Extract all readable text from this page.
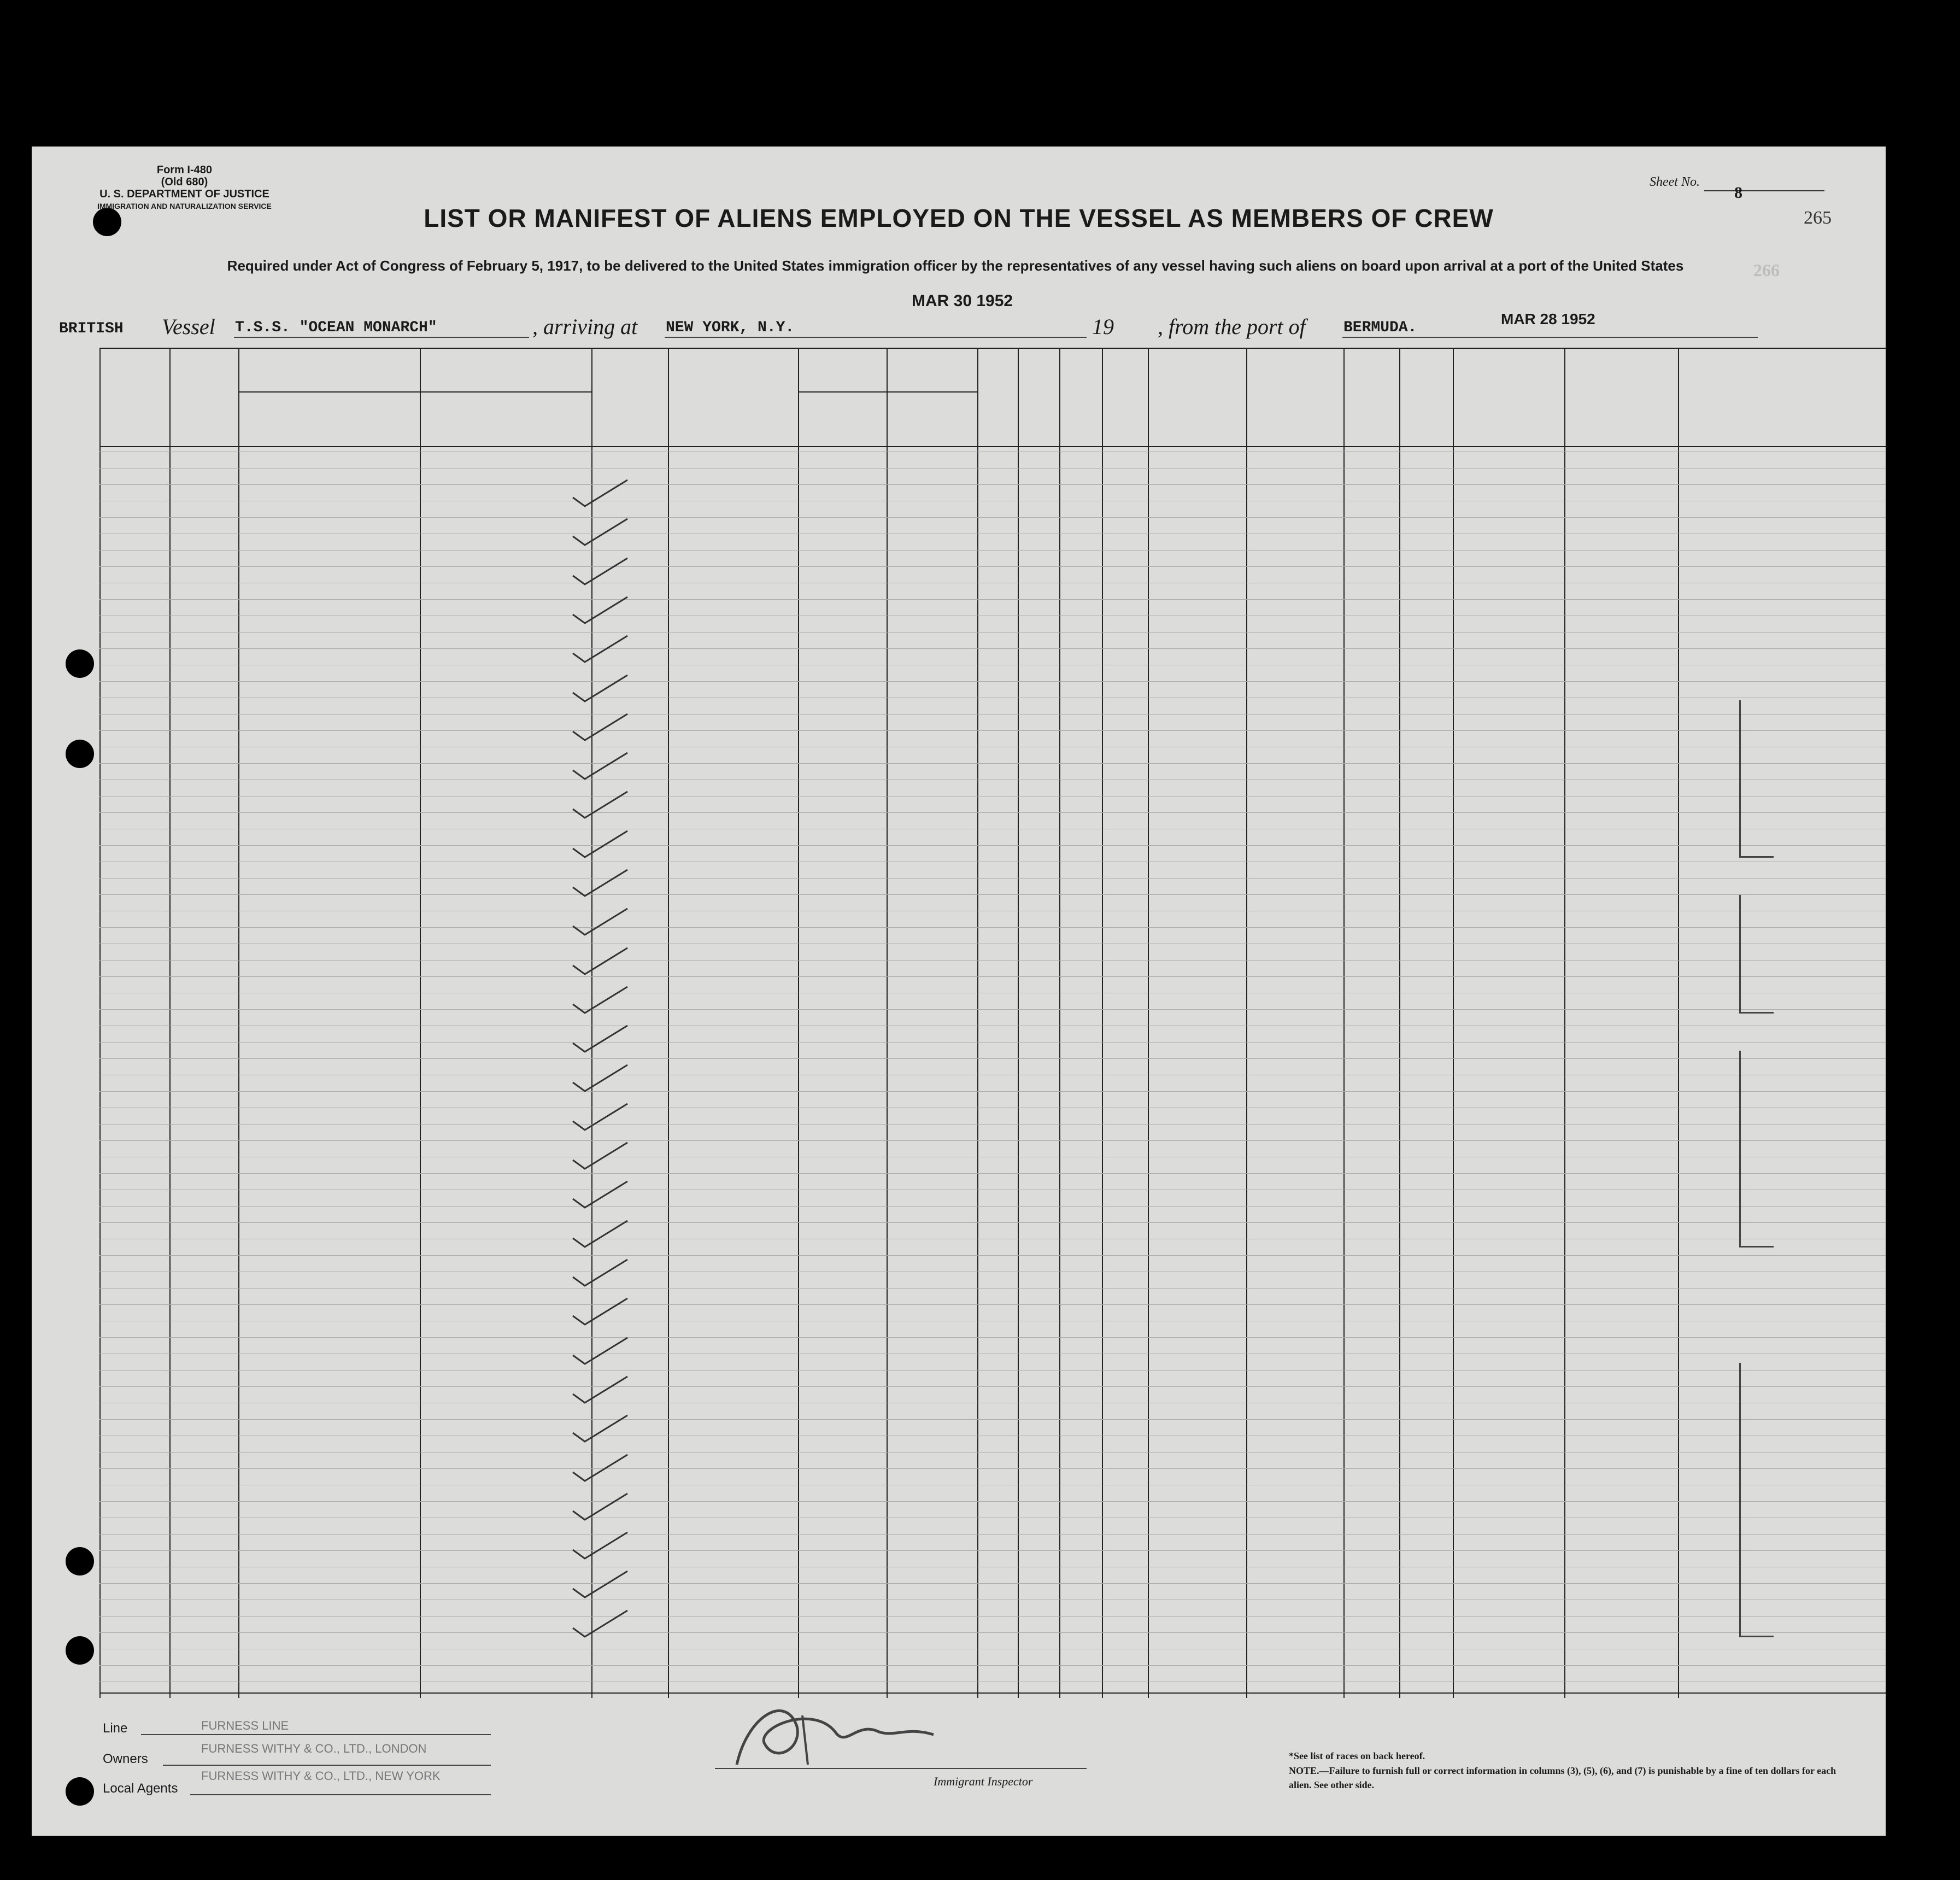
Form I-480
(Old 680)
U. S. DEPARTMENT OF JUSTICE
IMMIGRATION AND NATURALIZATION SERVICE
Sheet No.
8
265
266
LIST OR MANIFEST OF ALIENS EMPLOYED ON THE VESSEL AS MEMBERS OF CREW
Required under Act of Congress of February 5, 1917, to be delivered to the United States immigration officer by the representatives of any vessel having such aliens on board upon arrival at a port of the United States
MAR 30 1952
BRITISH Vessel T.S.S. "OCEAN MONARCH"	, arriving at NEW YORK, N.Y.	19 , from the port of BERMUDA.
MAR 28 1952
Line	FURNESS LINE
Owners
FURNESS WITHY & CO., LTD., LONDON
Local Agents
FURNESS WITHY & CO., LTD., NEW YORK	Immigrant Inspector
*See list of races on back hereof.
NOTE.—Failure to furnish full or correct information in columns (3), (5), (6), and (7) is punishable by a fine of ten dollars for each alien. See other side.
